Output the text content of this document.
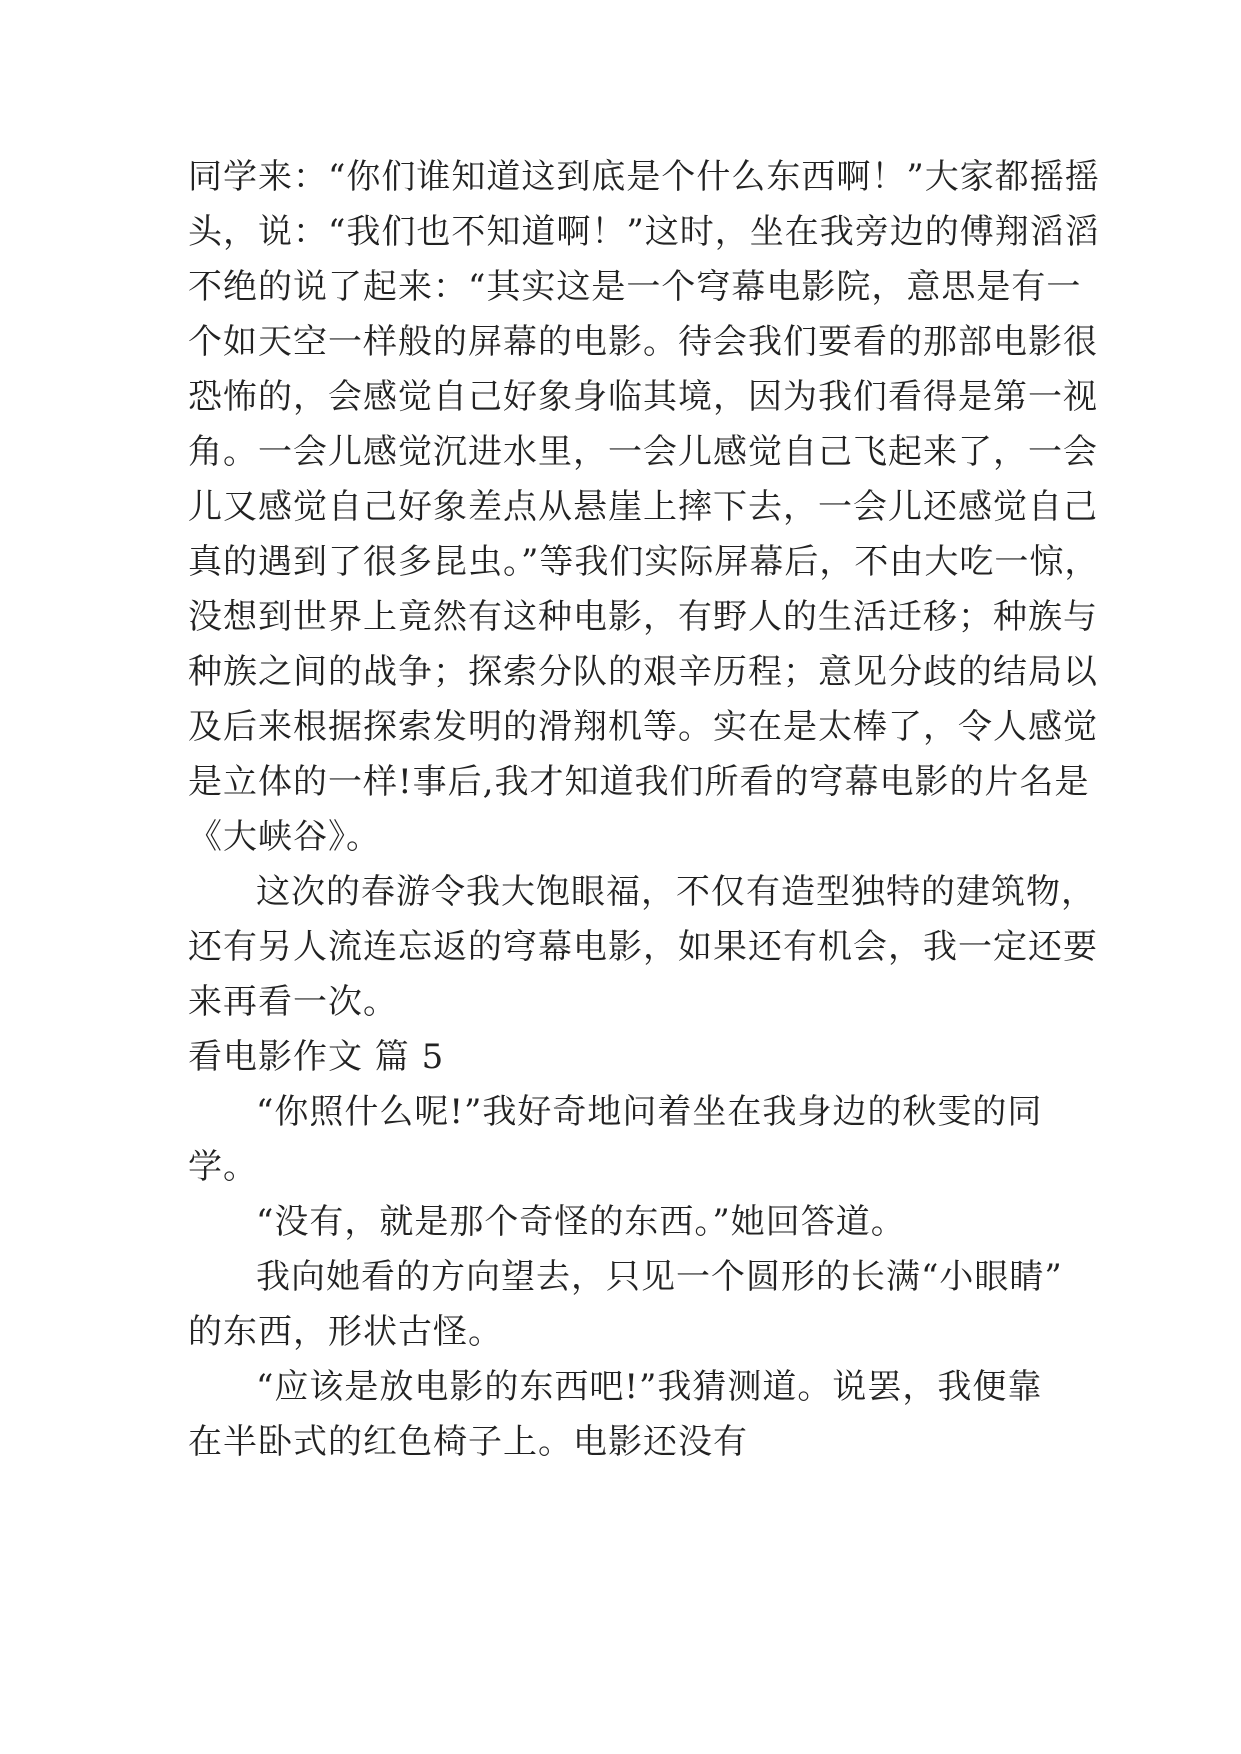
同学来：“你们谁知道这到底是个什么东西啊！”大家都摇摇
头，说：“我们也不知道啊！”这时，坐在我旁边的傅翔滔滔
不绝的说了起来：“其实这是一个穹幕电影院，意思是有一
个如天空一样般的屏幕的电影。待会我们要看的那部电影很
恐怖的，会感觉自己好象身临其境，因为我们看得是第一视
角。一会儿感觉沉进水里，一会儿感觉自己飞起来了，一会
儿又感觉自己好象差点从悬崖上摔下去，一会儿还感觉自己
真的遇到了很多昆虫。”等我们实际屏幕后，不由大吃一惊，
没想到世界上竟然有这种电影，有野人的生活迁移；种族与
种族之间的战争；探索分队的艰辛历程；意见分歧的结局以
及后来根据探索发明的滑翔机等。实在是太棒了，令人感觉
是立体的一样!事后,我才知道我们所看的穹幕电影的片名是
《大峡谷》。
这次的春游令我大饱眼福，不仅有造型独特的建筑物，
还有另人流连忘返的穹幕电影，如果还有机会，我一定还要
来再看一次。
看电影作文 篇 5
“你照什么呢!”我好奇地问着坐在我身边的秋雯的同
学。
“没有，就是那个奇怪的东西。”她回答道。
我向她看的方向望去，只见一个圆形的长满“小眼睛”
的东西，形状古怪。
“应该是放电影的东西吧!”我猜测道。说罢，我便靠
在半卧式的红色椅子上。电影还没有
